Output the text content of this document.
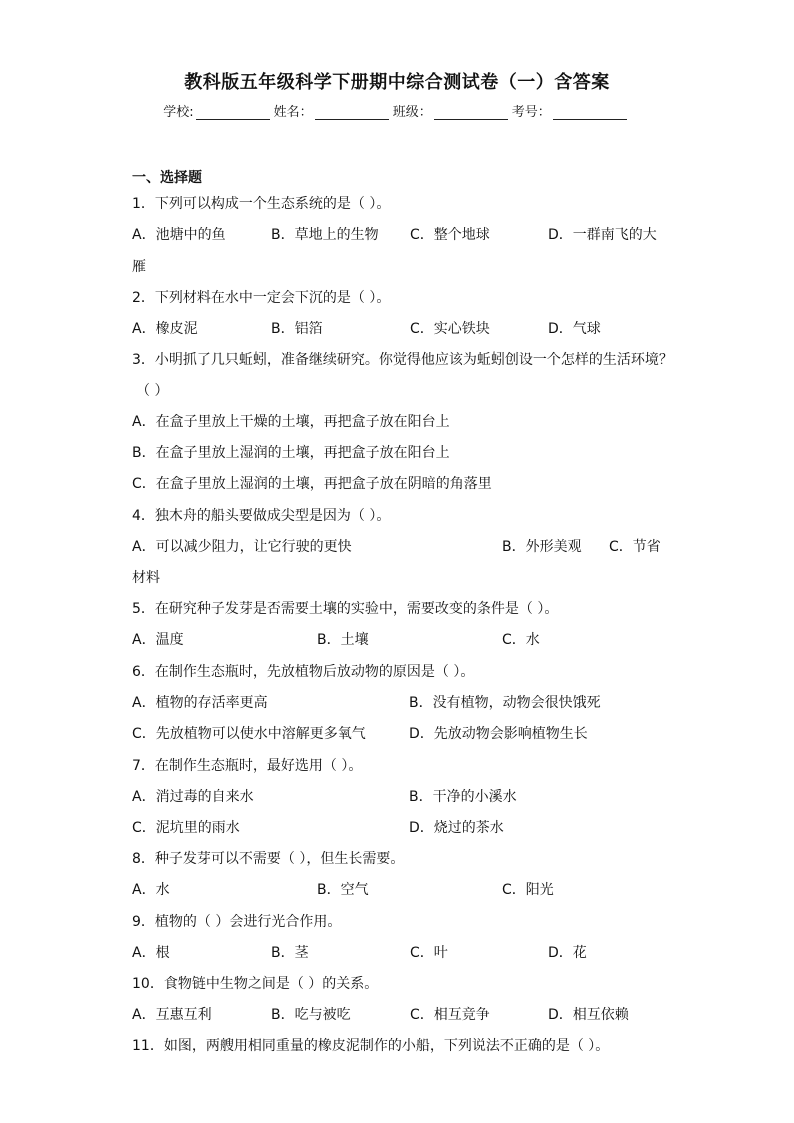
教科版五年级科学下册期中综合测试卷（一）含答案
学校:	姓名：	班级：	考号：
一、选择题
1．下列可以构成一个生态系统的是（ ）。
A．池塘中的鱼	B．草地上的生物 C．整个地球	D．一群南飞的大
雁
2．下列材料在水中一定会下沉的是（ ）。
A．橡皮泥	B．铝箔	C．实心铁块	D．气球
3．小明抓了几只蚯蚓，准备继续研究。你觉得他应该为蚯蚓创设一个怎样的生活环境？
（ ）
A．在盒子里放上干燥的土壤，再把盒子放在阳台上
B．在盒子里放上湿润的土壤，再把盒子放在阳台上
C．在盒子里放上湿润的土壤，再把盒子放在阴暗的角落里
4．独木舟的船头要做成尖型是因为（ ）。
A．可以减少阻力，让它行驶的更快	B．外形美观 C．节省
材料
5．在研究种子发芽是否需要土壤的实验中，需要改变的条件是（ ）。
A．温度	B．土壤	C．水
6．在制作生态瓶时，先放植物后放动物的原因是（ ）。
A．植物的存活率更高	B．没有植物，动物会很快饿死
C．先放植物可以使水中溶解更多氧气	D．先放动物会影响植物生长
7．在制作生态瓶时，最好选用（ ）。
A．消过毒的自来水	B．干净的小溪水
C．泥坑里的雨水	D．烧过的茶水
8．种子发芽可以不需要（ ），但生长需要。
A．水	B．空气	C．阳光
9．植物的（ ）会进行光合作用。
A．根	B．茎	C．叶	D．花
10．食物链中生物之间是（ ）的关系。
A．互惠互利	B．吃与被吃	C．相互竞争	D．相互依赖
11．如图，两艘用相同重量的橡皮泥制作的小船，下列说法不正确的是（ ）。
